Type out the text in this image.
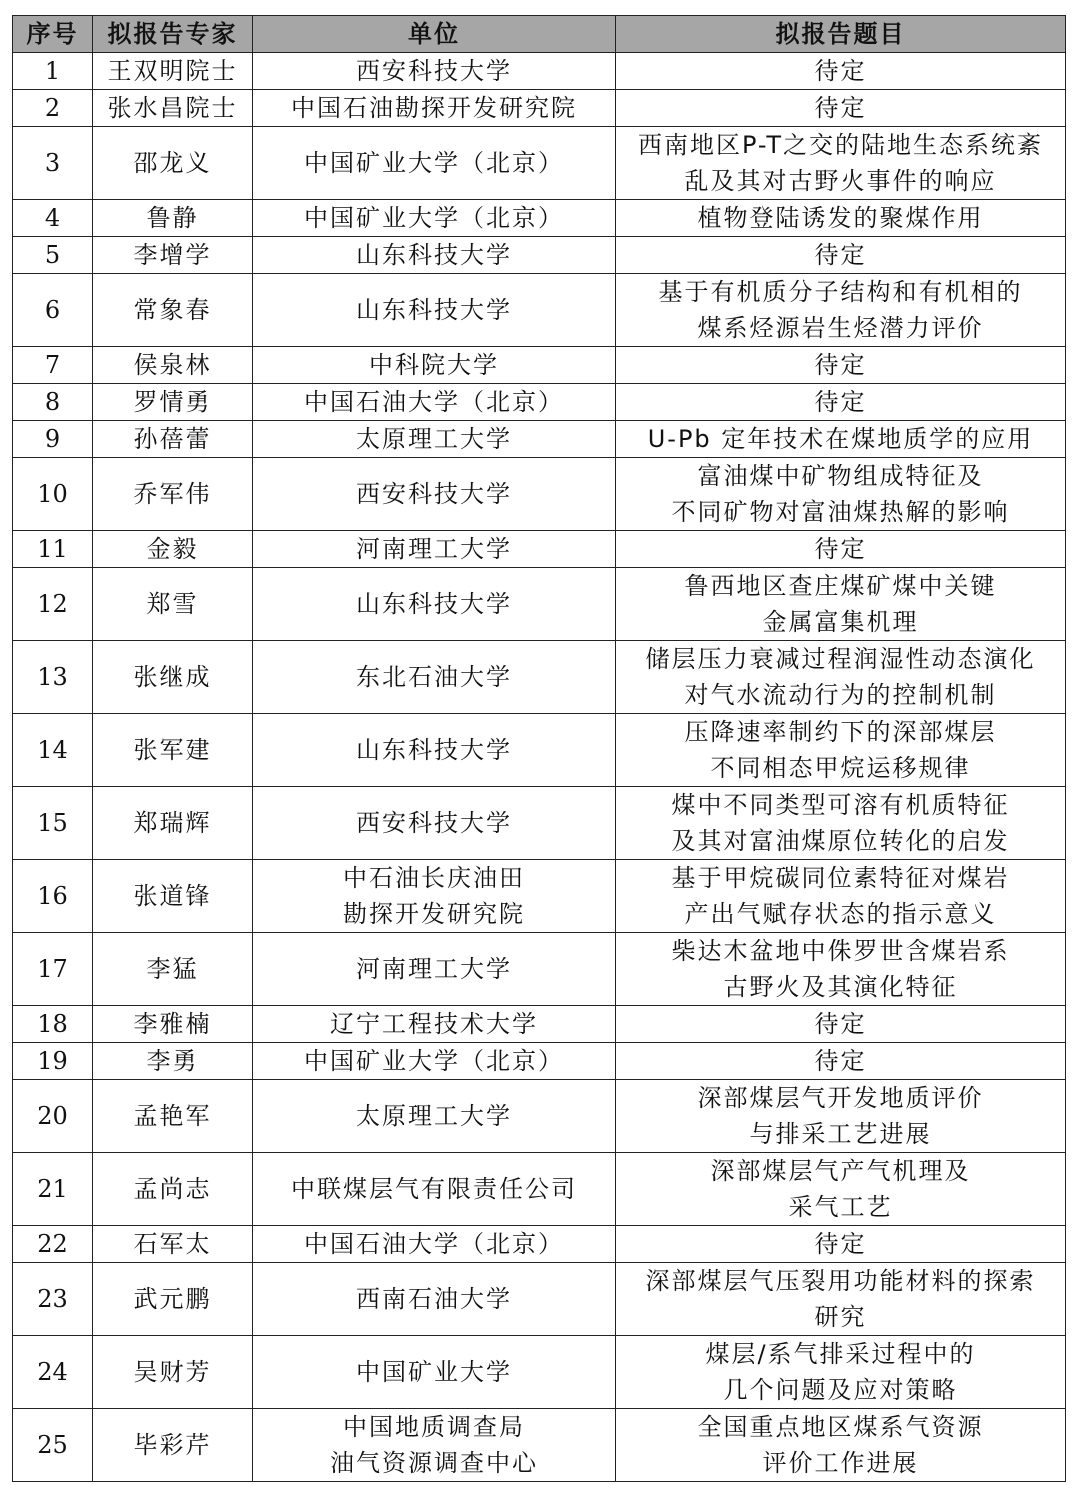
序号	拟报告专家	单位	拟报告题目
1	王双明院士	西安科技大学	待定

2	张水昌院士	中国石油勘探开发研究院	待定

3	邵龙义	中国矿业大学（北京）	西南地区P-T之交的陆地生态系统紊
乱及其对古野火事件的响应

4	鲁静	中国矿业大学（北京）	植物登陆诱发的聚煤作用

5	李增学	山东科技大学	待定

6	常象春	山东科技大学	基于有机质分子结构和有机相的
煤系烃源岩生烃潜力评价

7	侯泉林	中科院大学	待定

8	罗情勇	中国石油大学（北京）	待定

9	孙蓓蕾	太原理工大学	U-Pb 定年技术在煤地质学的应用

10	乔军伟	西安科技大学	富油煤中矿物组成特征及
不同矿物对富油煤热解的影响

11	金毅	河南理工大学	待定

12	郑雪	山东科技大学	鲁西地区查庄煤矿煤中关键
金属富集机理

13	张继成	东北石油大学	储层压力衰减过程润湿性动态演化
对气水流动行为的控制机制

14	张军建	山东科技大学	压降速率制约下的深部煤层
不同相态甲烷运移规律

15	郑瑞辉	西安科技大学	煤中不同类型可溶有机质特征
及其对富油煤原位转化的启发

16	张道锋	中石油长庆油田
勘探开发研究院	基于甲烷碳同位素特征对煤岩
产出气赋存状态的指示意义

17	李猛	河南理工大学	柴达木盆地中侏罗世含煤岩系
古野火及其演化特征

18	李雅楠	辽宁工程技术大学	待定

19	李勇	中国矿业大学（北京）	待定

20	孟艳军	太原理工大学	深部煤层气开发地质评价
与排采工艺进展

21	孟尚志	中联煤层气有限责任公司	深部煤层气产气机理及
采气工艺

22	石军太	中国石油大学（北京）	待定

23	武元鹏	西南石油大学	深部煤层气压裂用功能材料的探索
研究

24	吴财芳	中国矿业大学	煤层/系气排采过程中的
几个问题及应对策略

25	毕彩芹	中国地质调查局
油气资源调查中心	全国重点地区煤系气资源
评价工作进展
